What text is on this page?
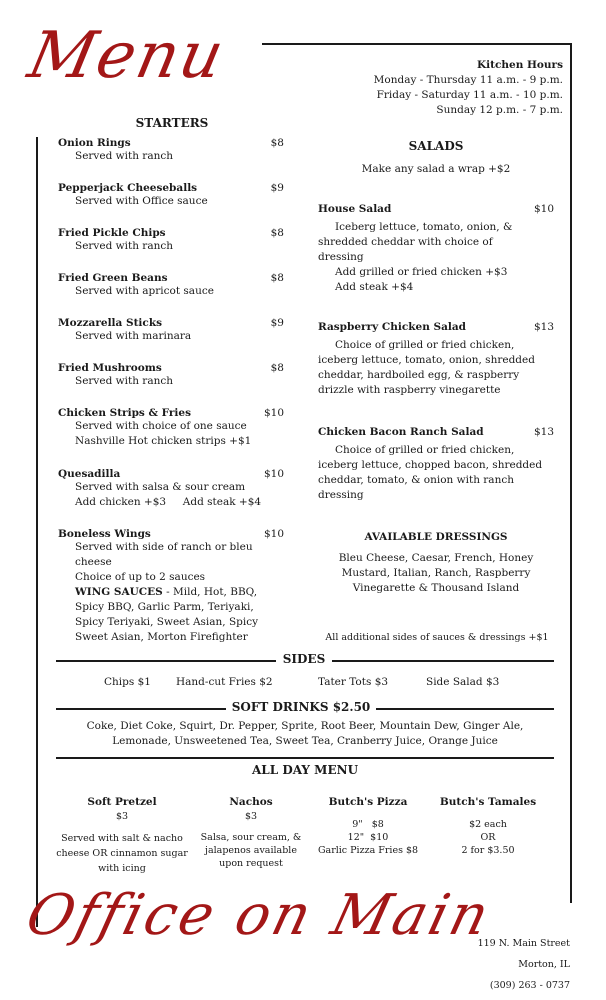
Menu	Kitchen Hours
Monday - Thursday 11 a.m. - 9 p.m.
Friday - Saturday 11 a.m. - 10 p.m.
Sunday 12 p.m. - 7 p.m.
STARTERS
Onion Rings	$8
Served with ranch
Pepperjack Cheeseballs	$9
Served with Office sauce
Fried Pickle Chips	$8
Served with ranch
Fried Green Beans	$8
Served with apricot sauce
Mozzarella Sticks	$9
Served with marinara
Fried Mushrooms	$8
Served with ranch
Chicken Strips & Fries	$10
Served with choice of one sauce
Nashville Hot chicken strips +$1
Quesadilla	$10
Served with salsa & sour cream
Add chicken +$3     Add steak +$4
Boneless Wings	$10
Served with side of ranch or bleu cheese
Choice of up to 2 sauces
WING SAUCES - Mild, Hot, BBQ, Spicy BBQ, Garlic Parm, Teriyaki, Spicy Teriyaki, Sweet Asian, Spicy Sweet Asian, Morton Firefighter
SALADS
Make any salad a wrap +$2
House Salad	$10
Iceberg lettuce, tomato, onion, & shredded cheddar with choice of dressing
Add grilled or fried chicken +$3
Add steak +$4
Raspberry Chicken Salad	$13
Choice of grilled or fried chicken, iceberg lettuce, tomato, onion, shredded cheddar, hardboiled egg, & raspberry drizzle with raspberry vinegarette
Chicken Bacon Ranch Salad	$13
Choice of grilled or fried chicken, iceberg lettuce, chopped bacon, shredded cheddar, tomato, & onion with ranch dressing
AVAILABLE DRESSINGS
Bleu Cheese, Caesar, French, Honey Mustard, Italian, Ranch, Raspberry Vinegarette & Thousand Island
All additional sides of sauces & dressings +$1
SIDES
Chips $1 Hand-cut Fries $2	Tater Tots $3	Side Salad $3
SOFT DRINKS $2.50
Coke, Diet Coke, Squirt, Dr. Pepper, Sprite, Root Beer, Mountain Dew, Ginger Ale, Lemonade, Unsweetened Tea, Sweet Tea, Cranberry Juice, Orange Juice
ALL DAY MENU
Soft Pretzel
$3
Served with salt & nacho cheese OR cinnamon sugar with icing
Nachos
$3
Salsa, sour cream, & jalapenos available upon request
Butch's Pizza
9"   $8
12"  $10
Garlic Pizza Fries $8
Butch's Tamales
$2 each
OR
2 for $3.50
Office on Main
119 N. Main Street
Morton, IL
(309) 263 - 0737
